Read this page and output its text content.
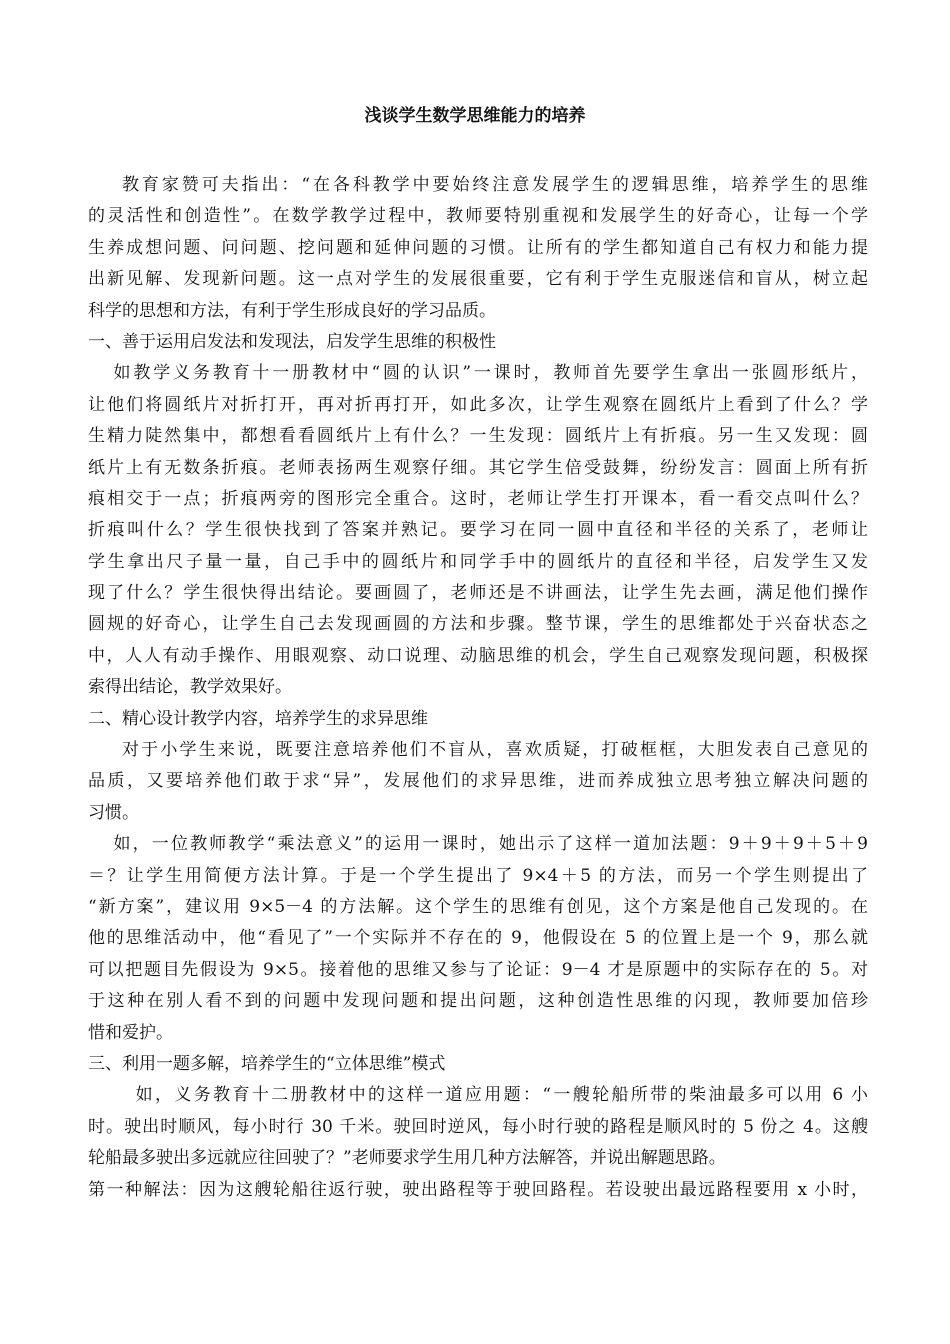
浅谈学生数学思维能力的培养
教育家赞可夫指出：“在各科教学中要始终注意发展学生的逻辑思维，培养学生的思维
的灵活性和创造性”。在数学教学过程中，教师要特别重视和发展学生的好奇心，让每一个学
生养成想问题、问问题、挖问题和延伸问题的习惯。让所有的学生都知道自己有权力和能力提
出新见解、发现新问题。这一点对学生的发展很重要，它有利于学生克服迷信和盲从，树立起
科学的思想和方法，有利于学生形成良好的学习品质。
一、善于运用启发法和发现法，启发学生思维的积极性
如教学义务教育十一册教材中“圆的认识”一课时，教师首先要学生拿出一张圆形纸片，
让他们将圆纸片对折打开，再对折再打开，如此多次，让学生观察在圆纸片上看到了什么？学
生精力陡然集中，都想看看圆纸片上有什么？一生发现：圆纸片上有折痕。另一生又发现：圆
纸片上有无数条折痕。老师表扬两生观察仔细。其它学生倍受鼓舞，纷纷发言：圆面上所有折
痕相交于一点；折痕两旁的图形完全重合。这时，老师让学生打开课本，看一看交点叫什么？
折痕叫什么？学生很快找到了答案并熟记。要学习在同一圆中直径和半径的关系了，老师让
学生拿出尺子量一量，自己手中的圆纸片和同学手中的圆纸片的直径和半径，启发学生又发
现了什么？学生很快得出结论。要画圆了，老师还是不讲画法，让学生先去画，满足他们操作
圆规的好奇心，让学生自己去发现画圆的方法和步骤。整节课，学生的思维都处于兴奋状态之
中，人人有动手操作、用眼观察、动口说理、动脑思维的机会，学生自己观察发现问题，积极探
索得出结论，教学效果好。
二、精心设计教学内容，培养学生的求异思维
对于小学生来说，既要注意培养他们不盲从，喜欢质疑，打破框框，大胆发表自己意见的
品质，又要培养他们敢于求“异”，发展他们的求异思维，进而养成独立思考独立解决问题的
习惯。
如，一位教师教学“乘法意义”的运用一课时，她出示了这样一道加法题：9＋9＋9＋5＋9
＝？让学生用简便方法计算。于是一个学生提出了 9×4＋5 的方法，而另一个学生则提出了
“新方案”，建议用 9×5－4 的方法解。这个学生的思维有创见，这个方案是他自己发现的。在
他的思维活动中，他“看见了”一个实际并不存在的 9，他假设在 5 的位置上是一个 9，那么就
可以把题目先假设为 9×5。接着他的思维又参与了论证：9－4 才是原题中的实际存在的 5。对
于这种在别人看不到的问题中发现问题和提出问题，这种创造性思维的闪现，教师要加倍珍
惜和爱护。
三、利用一题多解，培养学生的“立体思维”模式
如，义务教育十二册教材中的这样一道应用题：“一艘轮船所带的柴油最多可以用 6 小
时。驶出时顺风，每小时行 30 千米。驶回时逆风，每小时行驶的路程是顺风时的 5 份之 4。这艘
轮船最多驶出多远就应往回驶了？”老师要求学生用几种方法解答，并说出解题思路。
第一种解法：因为这艘轮船往返行驶，驶出路程等于驶回路程。若设驶出最远路程要用 x 小时，
